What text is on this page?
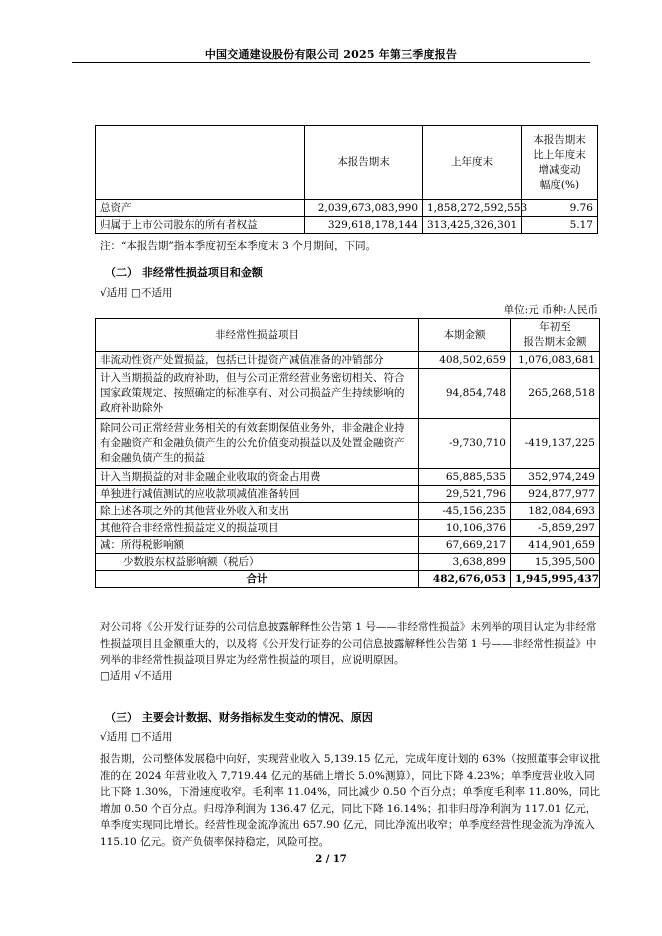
中国交通建设股份有限公司 2025 年第三季度报告
	本报告期末	上年度末	本报告期末
比上年度末
增减变动
幅度(%)

总资产	2,039,673,083,990	1,858,272,592,553	9.76
归属于上市公司股东的所有者权益	329,618,178,144	313,425,326,301	5.17
注：“本报告期”指本季度初至本季度末 3 个月期间，下同。
（二） 非经常性损益项目和金额
√适用 □不适用
单位:元 币种:人民币
非经常性损益项目	本期金额	年初至
报告期末金额

非流动性资产处置损益，包括已计提资产减值准备的冲销部分	408,502,659	1,076,083,681
计入当期损益的政府补助，但与公司正常经营业务密切相关、符合国家政策规定、按照确定的标准享有、对公司损益产生持续影响的政府补助除外	94,854,748	265,268,518
除同公司正常经营业务相关的有效套期保值业务外，非金融企业持有金融资产和金融负债产生的公允价值变动损益以及处置金融资产和金融负债产生的损益	-9,730,710	-419,137,225
计入当期损益的对非金融企业收取的资金占用费	65,885,535	352,974,249
单独进行减值测试的应收款项减值准备转回	29,521,796	924,877,977
除上述各项之外的其他营业外收入和支出	-45,156,235	182,084,693
其他符合非经常性损益定义的损益项目	10,106,376	-5,859,297
减：所得税影响额	67,669,217	414,901,659
少数股东权益影响额（税后）	3,638,899	15,395,500
合计	482,676,053	1,945,995,437
对公司将《公开发行证券的公司信息披露解释性公告第 1 号——非经常性损益》未列举的项目认定为非经常性损益项目且金额重大的，以及将《公开发行证券的公司信息披露解释性公告第 1 号——非经常性损益》中列举的非经常性损益项目界定为经常性损益的项目，应说明原因。
□适用 √不适用
（三） 主要会计数据、财务指标发生变动的情况、原因
√适用 □不适用
报告期，公司整体发展稳中向好，实现营业收入 5,139.15 亿元，完成年度计划的 63%（按照董事会审议批准的在 2024 年营业收入 7,719.44 亿元的基础上增长 5.0%测算），同比下降 4.23%；单季度营业收入同比下降 1.30%，下滑速度收窄。毛利率 11.04%，同比减少 0.50 个百分点；单季度毛利率 11.80%，同比增加 0.50 个百分点。归母净利润为 136.47 亿元，同比下降 16.14%；扣非归母净利润为 117.01 亿元，单季度实现同比增长。经营性现金流净流出 657.90 亿元，同比净流出收窄；单季度经营性现金流为净流入 115.10 亿元。资产负债率保持稳定，风险可控。
2 / 17
